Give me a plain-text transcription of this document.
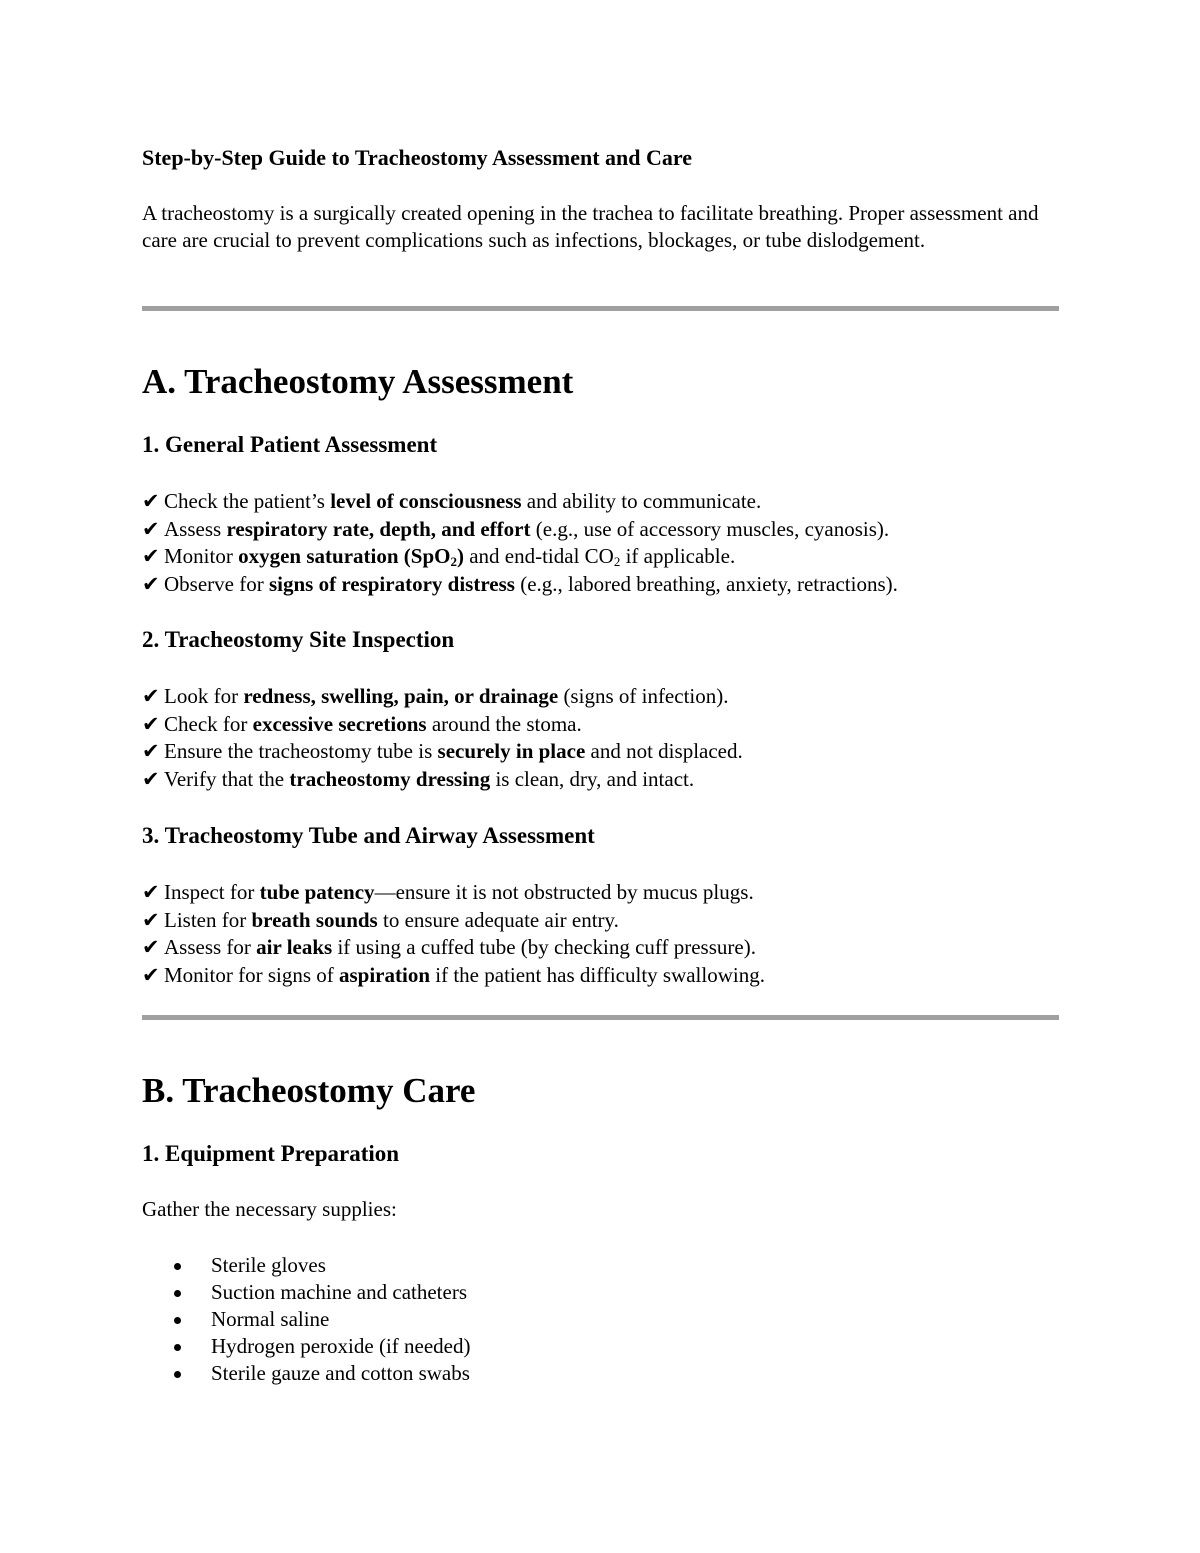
Step-by-Step Guide to Tracheostomy Assessment and Care

A tracheostomy is a surgically created opening in the trachea to facilitate breathing. Proper assessment and care are crucial to prevent complications such as infections, blockages, or tube dislodgement.

A. Tracheostomy Assessment
1. General Patient Assessment
✔ Check the patient’s level of consciousness and ability to communicate.
✔ Assess respiratory rate, depth, and effort (e.g., use of accessory muscles, cyanosis).
✔ Monitor oxygen saturation (SpO$_2$) and end-tidal $CO_2$ if applicable.
✔ Observe for signs of respiratory distress (e.g., labored breathing, anxiety, retractions).
2. Tracheostomy Site Inspection
✔ Look for redness, swelling, pain, or drainage (signs of infection).
✔ Check for excessive secretions around the stoma.
✔ Ensure the tracheostomy tube is securely in place and not displaced.
✔ Verify that the tracheostomy dressing is clean, dry, and intact.
3. Tracheostomy Tube and Airway Assessment
✔ Inspect for tube patency—ensure it is not obstructed by mucus plugs.
✔ Listen for breath sounds to ensure adequate air entry.
✔ Assess for air leaks if using a cuffed tube (by checking cuff pressure).
✔ Monitor for signs of aspiration if the patient has difficulty swallowing.
B. Tracheostomy Care
1. Equipment Preparation

Gather the necessary supplies:

Sterile gloves
Suction machine and catheters
Normal saline
Hydrogen peroxide (if needed)
Sterile gauze and cotton swabs
